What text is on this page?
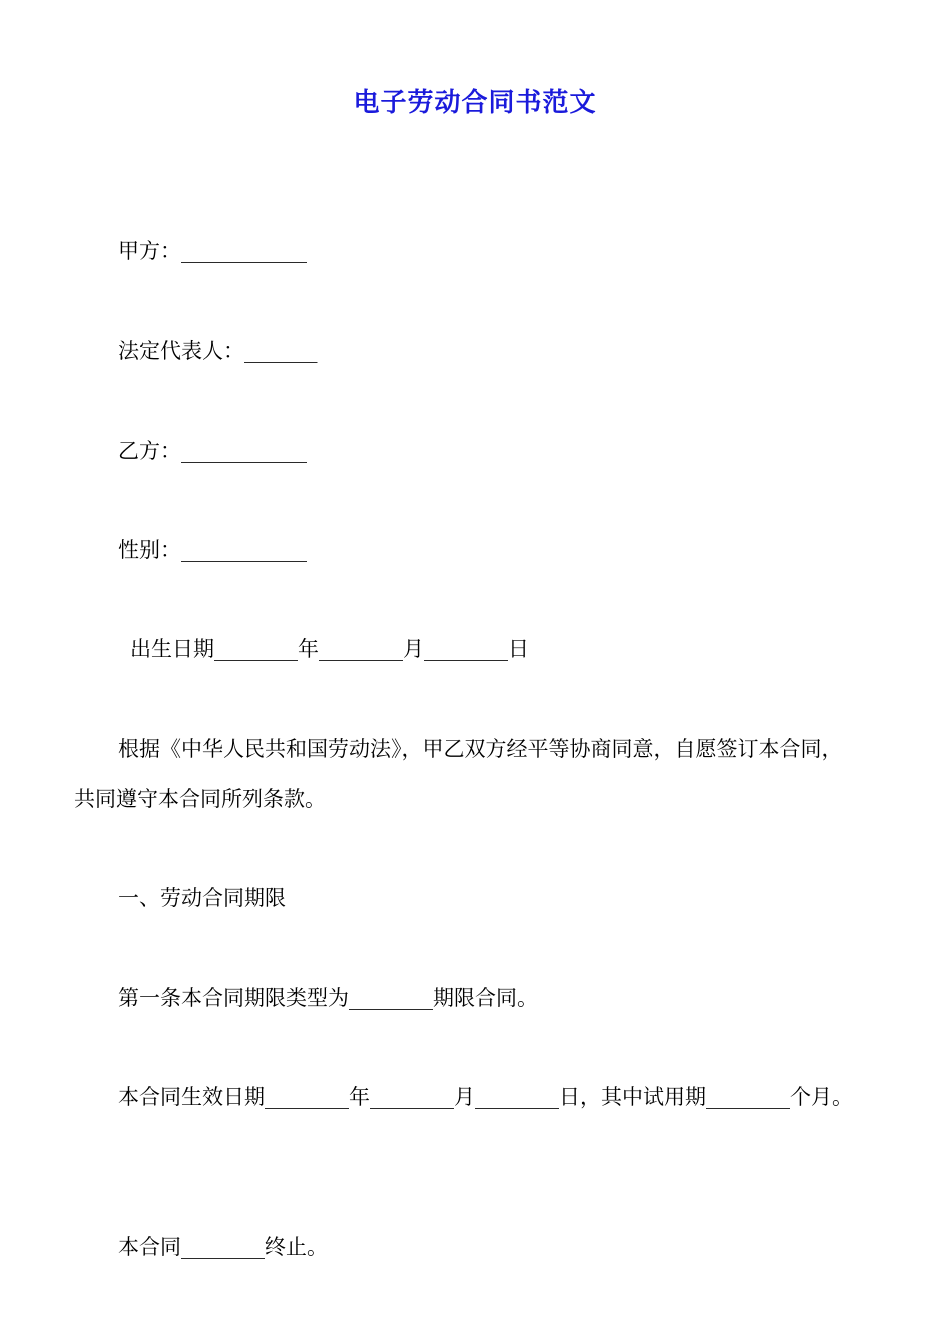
电子劳动合同书范文
甲方：____________
法定代表人：_______
乙方：____________
性别：____________
出生日期________年________月________日
根据《中华人民共和国劳动法》，甲乙双方经平等协商同意，自愿签订本合同，
共同遵守本合同所列条款。
一、劳动合同期限
第一条本合同期限类型为________期限合同。
本合同生效日期________年________月________日，其中试用期________个月。
本合同________终止。
